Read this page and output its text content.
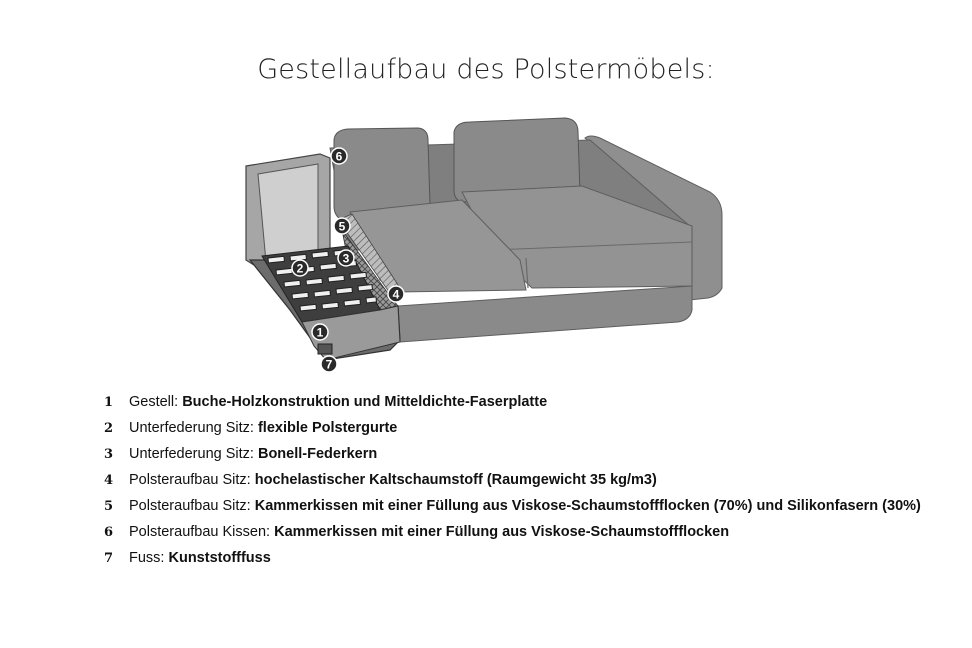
Gestellaufbau des Polstermöbels:
6
5
3
2
4
1
7
1	Gestell: Buche-Holzkonstruktion und Mitteldichte-Faserplatte
2	Unterfederung Sitz: flexible Polstergurte
3	Unterfederung Sitz: Bonell-Federkern
4	Polsteraufbau Sitz: hochelastischer Kaltschaumstoff (Raumgewicht 35 kg/m3)
5	Polsteraufbau Sitz: Kammerkissen mit einer Füllung aus Viskose-Schaumstoffflocken (70%) und Silikonfasern (30%)
6	Polsteraufbau Kissen: Kammerkissen mit einer Füllung aus Viskose-Schaumstoffflocken
7	Fuss: Kunststofffuss
